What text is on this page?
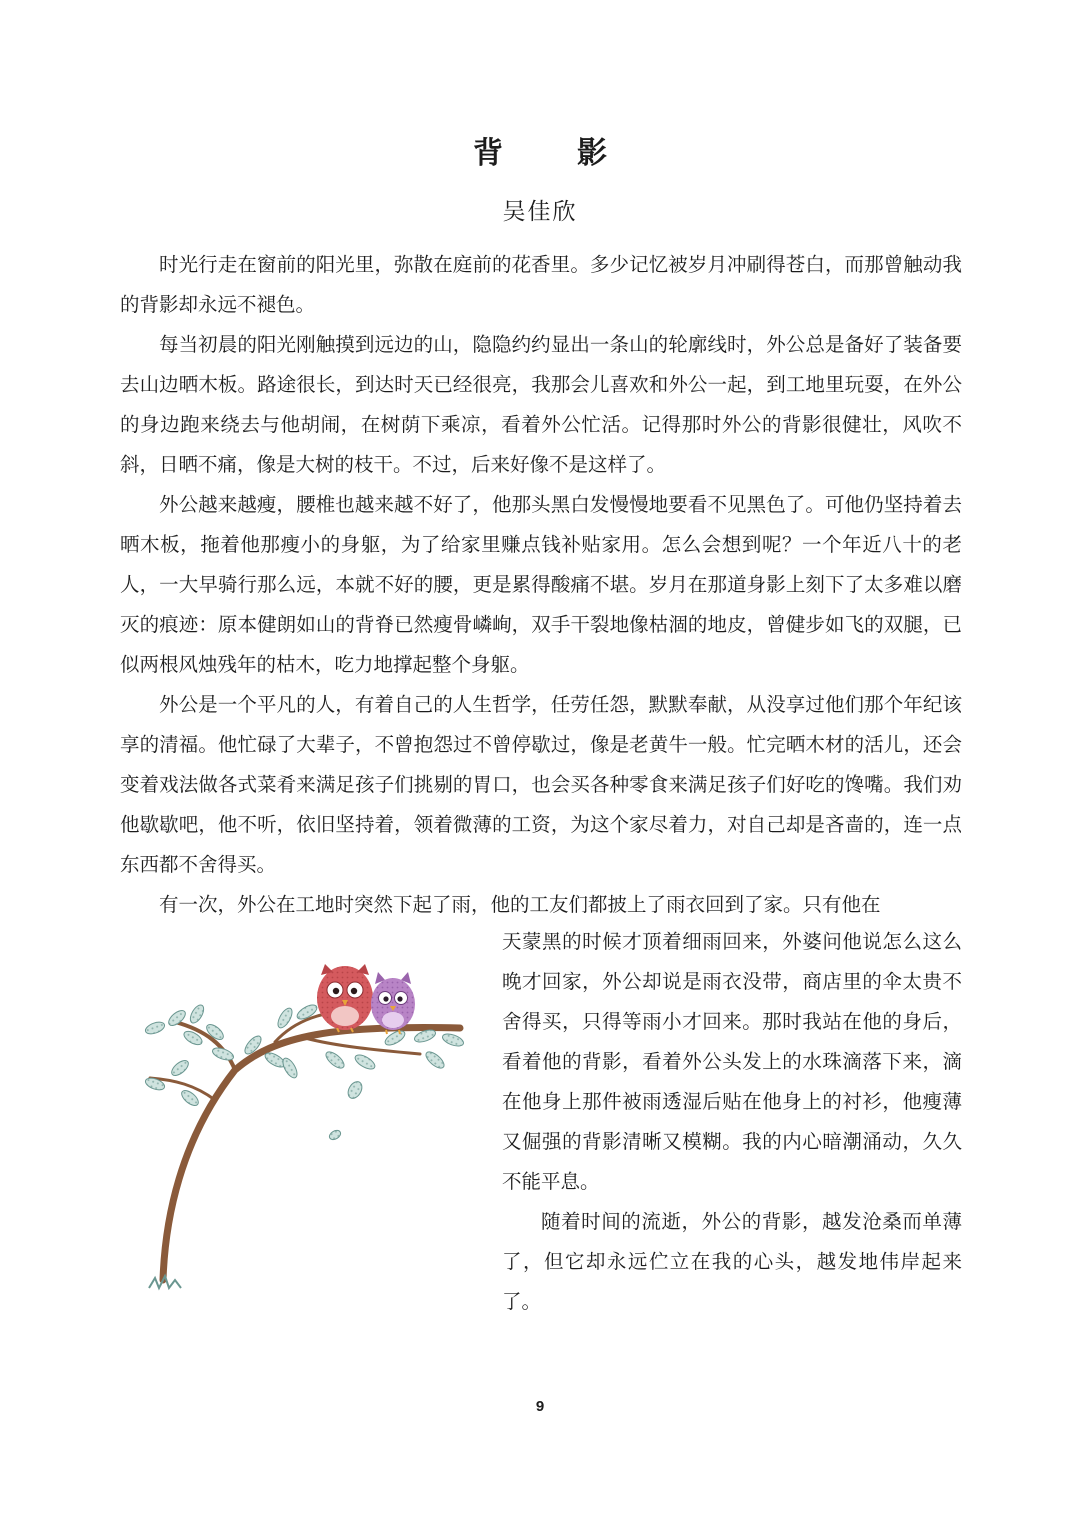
背　影
吴佳欣

时光行走在窗前的阳光里，弥散在庭前的花香里。多少记忆被岁月冲刷得苍白，而那曾触动我的背影却永远不褪色。

每当初晨的阳光刚触摸到远边的山，隐隐约约显出一条山的轮廓线时，外公总是备好了装备要去山边晒木板。路途很长，到达时天已经很亮，我那会儿喜欢和外公一起，到工地里玩耍，在外公的身边跑来绕去与他胡闹，在树荫下乘凉，看着外公忙活。记得那时外公的背影很健壮，风吹不斜，日晒不痛，像是大树的枝干。不过，后来好像不是这样了。

外公越来越瘦，腰椎也越来越不好了，他那头黑白发慢慢地要看不见黑色了。可他仍坚持着去晒木板，拖着他那瘦小的身躯，为了给家里赚点钱补贴家用。怎么会想到呢？一个年近八十的老人，一大早骑行那么远，本就不好的腰，更是累得酸痛不堪。岁月在那道身影上刻下了太多难以磨灭的痕迹：原本健朗如山的背脊已然瘦骨嶙峋，双手干裂地像枯涸的地皮，曾健步如飞的双腿，已似两根风烛残年的枯木，吃力地撑起整个身躯。

外公是一个平凡的人，有着自己的人生哲学，任劳任怨，默默奉献，从没享过他们那个年纪该享的清福。他忙碌了大辈子，不曾抱怨过不曾停歇过，像是老黄牛一般。忙完晒木材的活儿，还会变着戏法做各式菜肴来满足孩子们挑剔的胃口，也会买各种零食来满足孩子们好吃的馋嘴。我们劝他歇歇吧，他不听，依旧坚持着，领着微薄的工资，为这个家尽着力，对自己却是吝啬的，连一点东西都不舍得买。

有一次，外公在工地时突然下起了雨，他的工友们都披上了雨衣回到了家。只有他在

天蒙黑的时候才顶着细雨回来，外婆问他说怎么这么晚才回家，外公却说是雨衣没带，商店里的伞太贵不舍得买，只得等雨小才回来。那时我站在他的身后，看着他的背影，看着外公头发上的水珠滴落下来，滴在他身上那件被雨透湿后贴在他身上的衬衫，他瘦薄又倔强的背影清晰又模糊。我的内心暗潮涌动，久久不能平息。

随着时间的流逝，外公的背影，越发沧桑而单薄了，但它却永远伫立在我的心头，越发地伟岸起来了。

9
